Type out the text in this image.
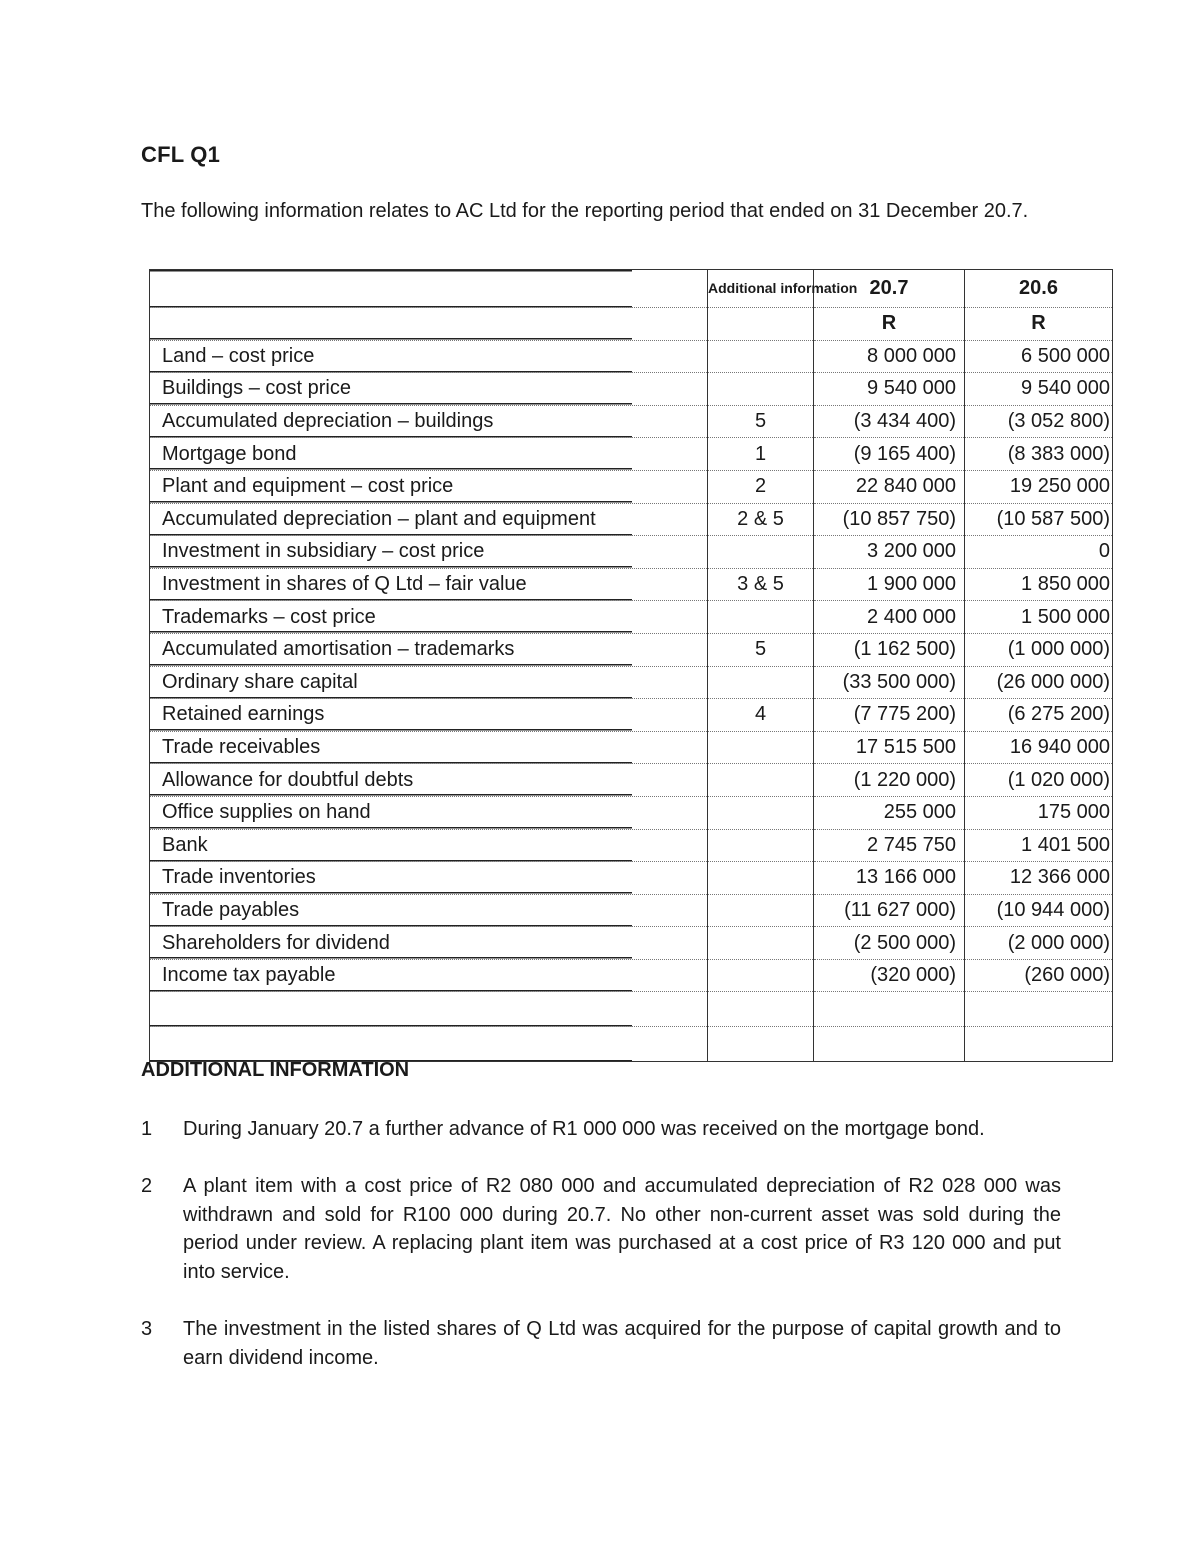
CFL Q1
The following information relates to AC Ltd for the reporting period that ended on 31 December 20.7.

	Additional information	20.7	20.6

		R	R

Land – cost price		8 000 000	6 500 000
Buildings – cost price		9 540 000	9 540 000
Accumulated depreciation – buildings	5	(3 434 400)	(3 052 800)
Mortgage bond	1	(9 165 400)	(8 383 000)
Plant and equipment – cost price	2	22 840 000	19 250 000
Accumulated depreciation – plant and equipment	2 & 5	(10 857 750)	(10 587 500)
Investment in subsidiary – cost price		3 200 000	0
Investment in shares of Q Ltd – fair value	3 & 5	1 900 000	1 850 000
Trademarks – cost price		2 400 000	1 500 000
Accumulated amortisation – trademarks	5	(1 162 500)	(1 000 000)
Ordinary share capital		(33 500 000)	(26 000 000)
Retained earnings	4	(7 775 200)	(6 275 200)
Trade receivables		17 515 500	16 940 000
Allowance for doubtful debts		(1 220 000)	(1 020 000)
Office supplies on hand		255 000	175 000
Bank		2 745 750	1 401 500
Trade inventories		13 166 000	12 366 000
Trade payables		(11 627 000)	(10 944 000)
Shareholders for dividend		(2 500 000)	(2 000 000)
Income tax payable		(320 000)	(260 000)

ADDITIONAL INFORMATION
1 During January 20.7 a further advance of R1 000 000 was received on the mortgage bond.
2 A plant item with a cost price of R2 080 000 and accumulated depreciation of R2 028 000 was withdrawn and sold for R100 000 during 20.7. No other non-current asset was sold during the period under review. A replacing plant item was purchased at a cost price of R3 120 000 and put into service.
3 The investment in the listed shares of Q Ltd was acquired for the purpose of capital growth and to earn dividend income.
